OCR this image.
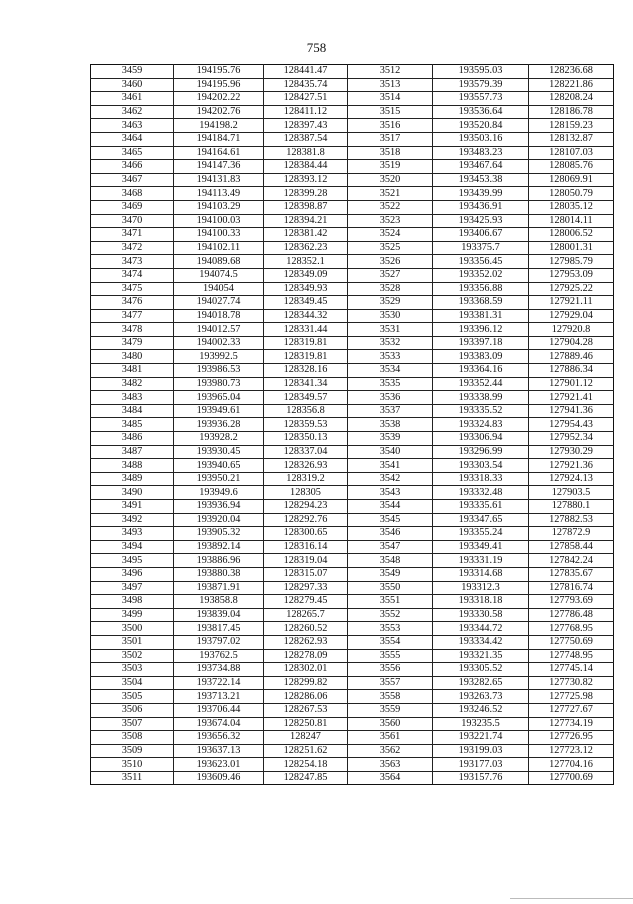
758
3459	194195.76	128441.47	3512	193595.03	128236.68
3460	194195.96	128435.74	3513	193579.39	128221.86
3461	194202.22	128427.51	3514	193557.73	128208.24
3462	194202.76	128411.12	3515	193536.64	128186.78
3463	194198.2	128397.43	3516	193520.84	128159.23
3464	194184.71	128387.54	3517	193503.16	128132.87
3465	194164.61	128381.8	3518	193483.23	128107.03
3466	194147.36	128384.44	3519	193467.64	128085.76
3467	194131.83	128393.12	3520	193453.38	128069.91
3468	194113.49	128399.28	3521	193439.99	128050.79
3469	194103.29	128398.87	3522	193436.91	128035.12
3470	194100.03	128394.21	3523	193425.93	128014.11
3471	194100.33	128381.42	3524	193406.67	128006.52
3472	194102.11	128362.23	3525	193375.7	128001.31
3473	194089.68	128352.1	3526	193356.45	127985.79
3474	194074.5	128349.09	3527	193352.02	127953.09
3475	194054	128349.93	3528	193356.88	127925.22
3476	194027.74	128349.45	3529	193368.59	127921.11
3477	194018.78	128344.32	3530	193381.31	127929.04
3478	194012.57	128331.44	3531	193396.12	127920.8
3479	194002.33	128319.81	3532	193397.18	127904.28
3480	193992.5	128319.81	3533	193383.09	127889.46
3481	193986.53	128328.16	3534	193364.16	127886.34
3482	193980.73	128341.34	3535	193352.44	127901.12
3483	193965.04	128349.57	3536	193338.99	127921.41
3484	193949.61	128356.8	3537	193335.52	127941.36
3485	193936.28	128359.53	3538	193324.83	127954.43
3486	193928.2	128350.13	3539	193306.94	127952.34
3487	193930.45	128337.04	3540	193296.99	127930.29
3488	193940.65	128326.93	3541	193303.54	127921.36
3489	193950.21	128319.2	3542	193318.33	127924.13
3490	193949.6	128305	3543	193332.48	127903.5
3491	193936.94	128294.23	3544	193335.61	127880.1
3492	193920.04	128292.76	3545	193347.65	127882.53
3493	193905.32	128300.65	3546	193355.24	127872.9
3494	193892.14	128316.14	3547	193349.41	127858.44
3495	193886.96	128319.04	3548	193331.19	127842.24
3496	193880.38	128315.07	3549	193314.68	127835.67
3497	193871.91	128297.33	3550	193312.3	127816.74
3498	193858.8	128279.45	3551	193318.18	127793.69
3499	193839.04	128265.7	3552	193330.58	127786.48
3500	193817.45	128260.52	3553	193344.72	127768.95
3501	193797.02	128262.93	3554	193334.42	127750.69
3502	193762.5	128278.09	3555	193321.35	127748.95
3503	193734.88	128302.01	3556	193305.52	127745.14
3504	193722.14	128299.82	3557	193282.65	127730.82
3505	193713.21	128286.06	3558	193263.73	127725.98
3506	193706.44	128267.53	3559	193246.52	127727.67
3507	193674.04	128250.81	3560	193235.5	127734.19
3508	193656.32	128247	3561	193221.74	127726.95
3509	193637.13	128251.62	3562	193199.03	127723.12
3510	193623.01	128254.18	3563	193177.03	127704.16
3511	193609.46	128247.85	3564	193157.76	127700.69
